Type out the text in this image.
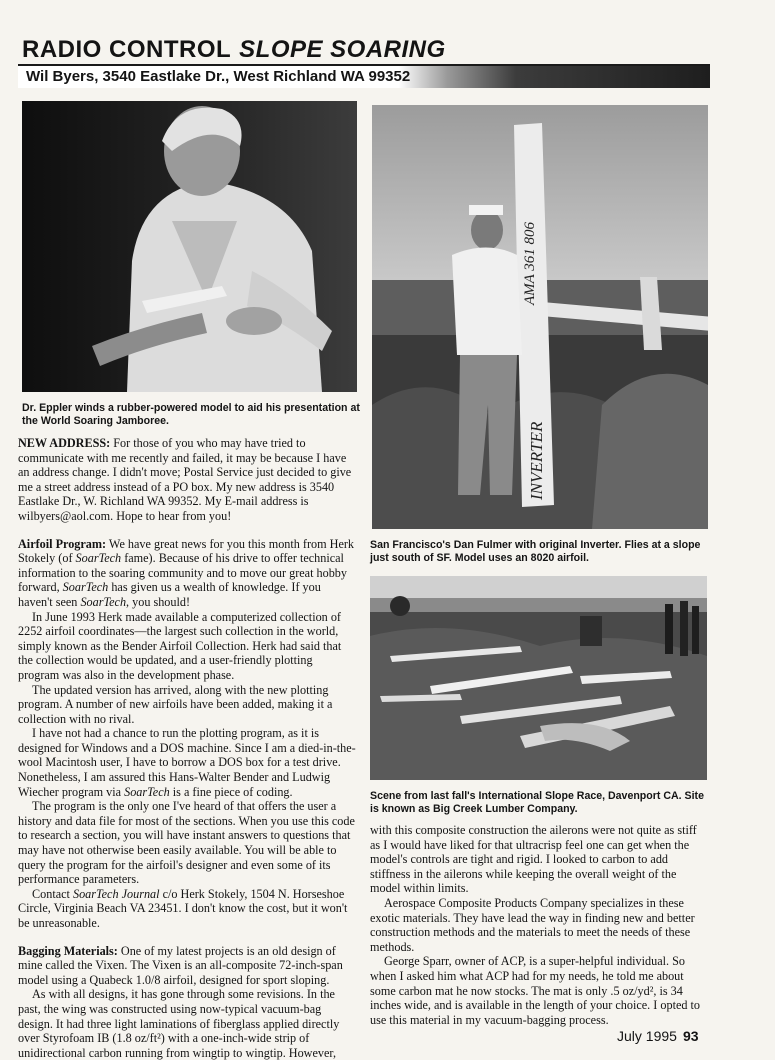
RADIO CONTROL SLOPE SOARING
Wil Byers, 3540 Eastlake Dr., West Richland WA 99352

Dr. Eppler winds a rubber-powered model to aid his presentation at the World Soaring Jamboree.

AMA 361 806
INVERTER

San Francisco's Dan Fulmer with original Inverter. Flies at a slope just south of SF. Model uses an 8020 airfoil.

Scene from last fall's International Slope Race, Davenport CA. Site is known as Big Creek Lumber Company.

NEW ADDRESS: For those of you who may have tried to communicate with me recently and failed, it may be because I have an address change. I didn't move; Postal Service just decided to give me a street address instead of a PO box. My new address is 3540 Eastlake Dr., W. Richland WA 99352. My E-mail address is wilbyers@aol.com. Hope to hear from you!

Airfoil Program: We have great news for you this month from Herk Stokely (of SoarTech fame). Because of his drive to offer technical information to the soaring community and to move our great hobby forward, SoarTech has given us a wealth of knowledge. If you haven't seen SoarTech, you should!

In June 1993 Herk made available a computerized collection of 2252 airfoil coordinates—the largest such collection in the world, simply known as the Bender Airfoil Collection. Herk had said that the collection would be updated, and a user-friendly plotting program was also in the development phase.

The updated version has arrived, along with the new plotting program. A number of new airfoils have been added, making it a collection with no rival.

I have not had a chance to run the plotting program, as it is designed for Windows and a DOS machine. Since I am a died-in-the-wool Macintosh user, I have to borrow a DOS box for a test drive. Nonetheless, I am assured this Hans-Walter Bender and Ludwig Wiecher program via SoarTech is a fine piece of coding.

The program is the only one I've heard of that offers the user a history and data file for most of the sections. When you use this code to research a section, you will have instant answers to questions that may have not otherwise been easily available. You will be able to query the program for the airfoil's designer and even some of its performance parameters.

Contact SoarTech Journal c/o Herk Stokely, 1504 N. Horseshoe Circle, Virginia Beach VA 23451. I don't know the cost, but it won't be unreasonable.

Bagging Materials: One of my latest projects is an old design of mine called the Vixen. The Vixen is an all-composite 72-inch-span model using a Quabeck 1.0/8 airfoil, designed for sport sloping.

As with all designs, it has gone through some revisions. In the past, the wing was constructed using now-typical vacuum-bag design. It had three light laminations of fiberglass applied directly over Styrofoam IB (1.8 oz/ft²) with a one-inch-wide strip of unidirectional carbon running from wingtip to wingtip. However,

with this composite construction the ailerons were not quite as stiff as I would have liked for that ultracrisp feel one can get when the model's controls are tight and rigid. I looked to carbon to add stiffness in the ailerons while keeping the overall weight of the model within limits.

Aerospace Composite Products Company specializes in these exotic materials. They have lead the way in finding new and better construction methods and the materials to meet the needs of these methods.

George Sparr, owner of ACP, is a super-helpful individual. So when I asked him what ACP had for my needs, he told me about some carbon mat he now stocks. The mat is only .5 oz/yd², is 34 inches wide, and is available in the length of your choice. I opted to use this material in my vacuum-bagging process.

July 1995 93
